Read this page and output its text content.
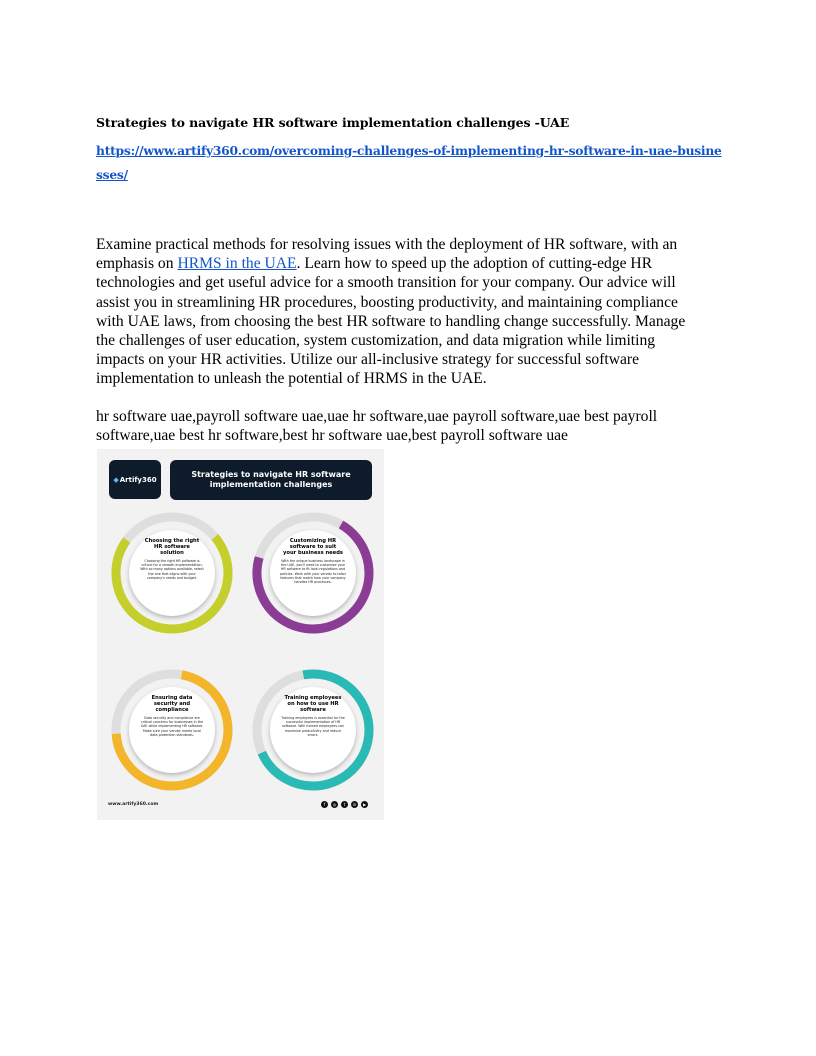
Strategies to navigate HR software implementation challenges -UAE
https://www.artify360.com/overcoming-challenges-of-implementing-hr-software-in-uae-businesses/
Examine practical methods for resolving issues with the deployment of HR software, with an emphasis on HRMS in the UAE. Learn how to speed up the adoption of cutting-edge HR technologies and get useful advice for a smooth transition for your company. Our advice will assist you in streamlining HR procedures, boosting productivity, and maintaining compliance with UAE laws, from choosing the best HR software to handling change successfully. Manage the challenges of user education, system customization, and data migration while limiting impacts on your HR activities. Utilize our all-inclusive strategy for successful software implementation to unleash the potential of HRMS in the UAE.
hr software uae,payroll software uae,uae hr software,uae payroll software,uae best payroll software,uae best hr software,best hr software uae,best payroll software uae
◆ Artify360
Strategies to navigate HR software implementation challenges
Choosing the right HR software solution
Choosing the right HR software is critical for a smooth implementation. With so many options available, select the one that aligns with your company's needs and budget.
Customizing HR software to suit your business needs
With the unique business landscape in the UAE, you'll need to customize your HR software to fit local regulations and policies. Work with your vendor to tailor features that match how your company handles HR processes.
Ensuring data security and compliance
Data security and compliance are critical concerns for businesses in the UAE while implementing HR software. Make sure your vendor meets local data protection standards.
Training employees on how to use HR software
Training employees is essential for the successful implementation of HR software. Well trained employees can maximize productivity and reduce errors.
www.artify360.com	f	◎	t	in	▶
